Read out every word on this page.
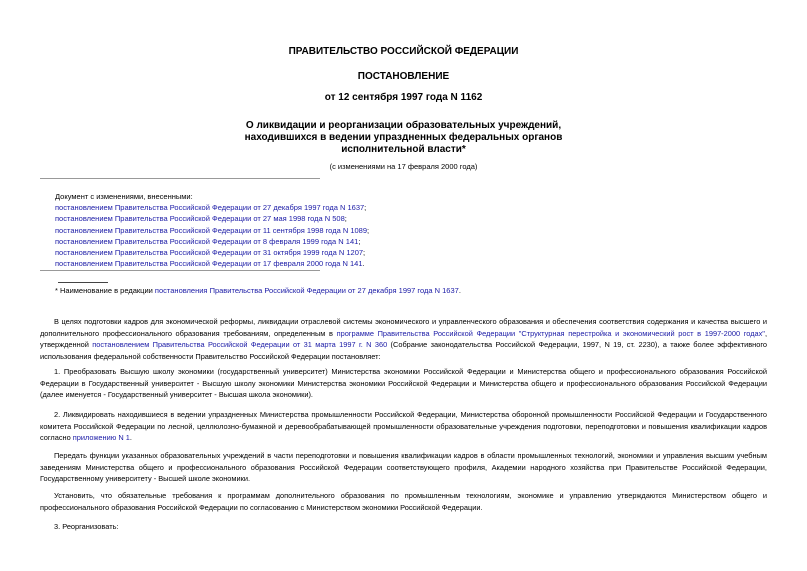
ПРАВИТЕЛЬСТВО РОССИЙСКОЙ ФЕДЕРАЦИИ
ПОСТАНОВЛЕНИЕ
от 12 сентября 1997 года N 1162
О ликвидации и реорганизации образовательных учреждений,
находившихся в ведении упраздненных федеральных органов
исполнительной власти*
(с изменениями на 17 февраля 2000 года)
Документ с изменениями, внесенными:
постановлением Правительства Российской Федерации от 27 декабря 1997 года N 1637;
постановлением Правительства Российской Федерации от 27 мая 1998 года N 508;
постановлением Правительства Российской Федерации от 11 сентября 1998 года N 1089;
постановлением Правительства Российской Федерации от 8 февраля 1999 года N 141;
постановлением Правительства Российской Федерации от 31 октября 1999 года N 1207;
постановлением Правительства Российской Федерации от 17 февраля 2000 года N 141.
* Наименование в редакции постановления Правительства Российской Федерации от 27 декабря 1997 года N 1637.
В целях подготовки кадров для экономической реформы, ликвидации отраслевой системы экономического и управленческого образования и обеспечения соответствия содержания и качества высшего и дополнительного профессионального образования требованиям, определенным в программе Правительства Российской Федерации "Структурная перестройка и экономический рост в 1997-2000 годах", утвержденной постановлением Правительства Российской Федерации от 31 марта 1997 г. N 360 (Собрание законодательства Российской Федерации, 1997, N 19, ст. 2230), а также более эффективного использования федеральной собственности Правительство Российской Федерации постановляет:
1. Преобразовать Высшую школу экономики (государственный университет) Министерства экономики Российской Федерации и Министерства общего и профессионального образования Российской Федерации в Государственный университет - Высшую школу экономики Министерства экономики Российской Федерации и Министерства общего и профессионального образования Российской Федерации (далее именуется - Государственный университет - Высшая школа экономики).
2. Ликвидировать находившиеся в ведении упраздненных Министерства промышленности Российской Федерации, Министерства оборонной промышленности Российской Федерации и Государственного комитета Российской Федерации по лесной, целлюлозно-бумажной и деревообрабатывающей промышленности образовательные учреждения подготовки, переподготовки и повышения квалификации кадров согласно приложению N 1.
Передать функции указанных образовательных учреждений в части переподготовки и повышения квалификации кадров в области промышленных технологий, экономики и управления высшим учебным заведениям Министерства общего и профессионального образования Российской Федерации соответствующего профиля, Академии народного хозяйства при Правительстве Российской Федерации, Государственному университету - Высшей школе экономики.
Установить, что обязательные требования к программам дополнительного образования по промышленным технологиям, экономике и управлению утверждаются Министерством общего и профессионального образования Российской Федерации по согласованию с Министерством экономики Российской Федерации.
3. Реорганизовать:
